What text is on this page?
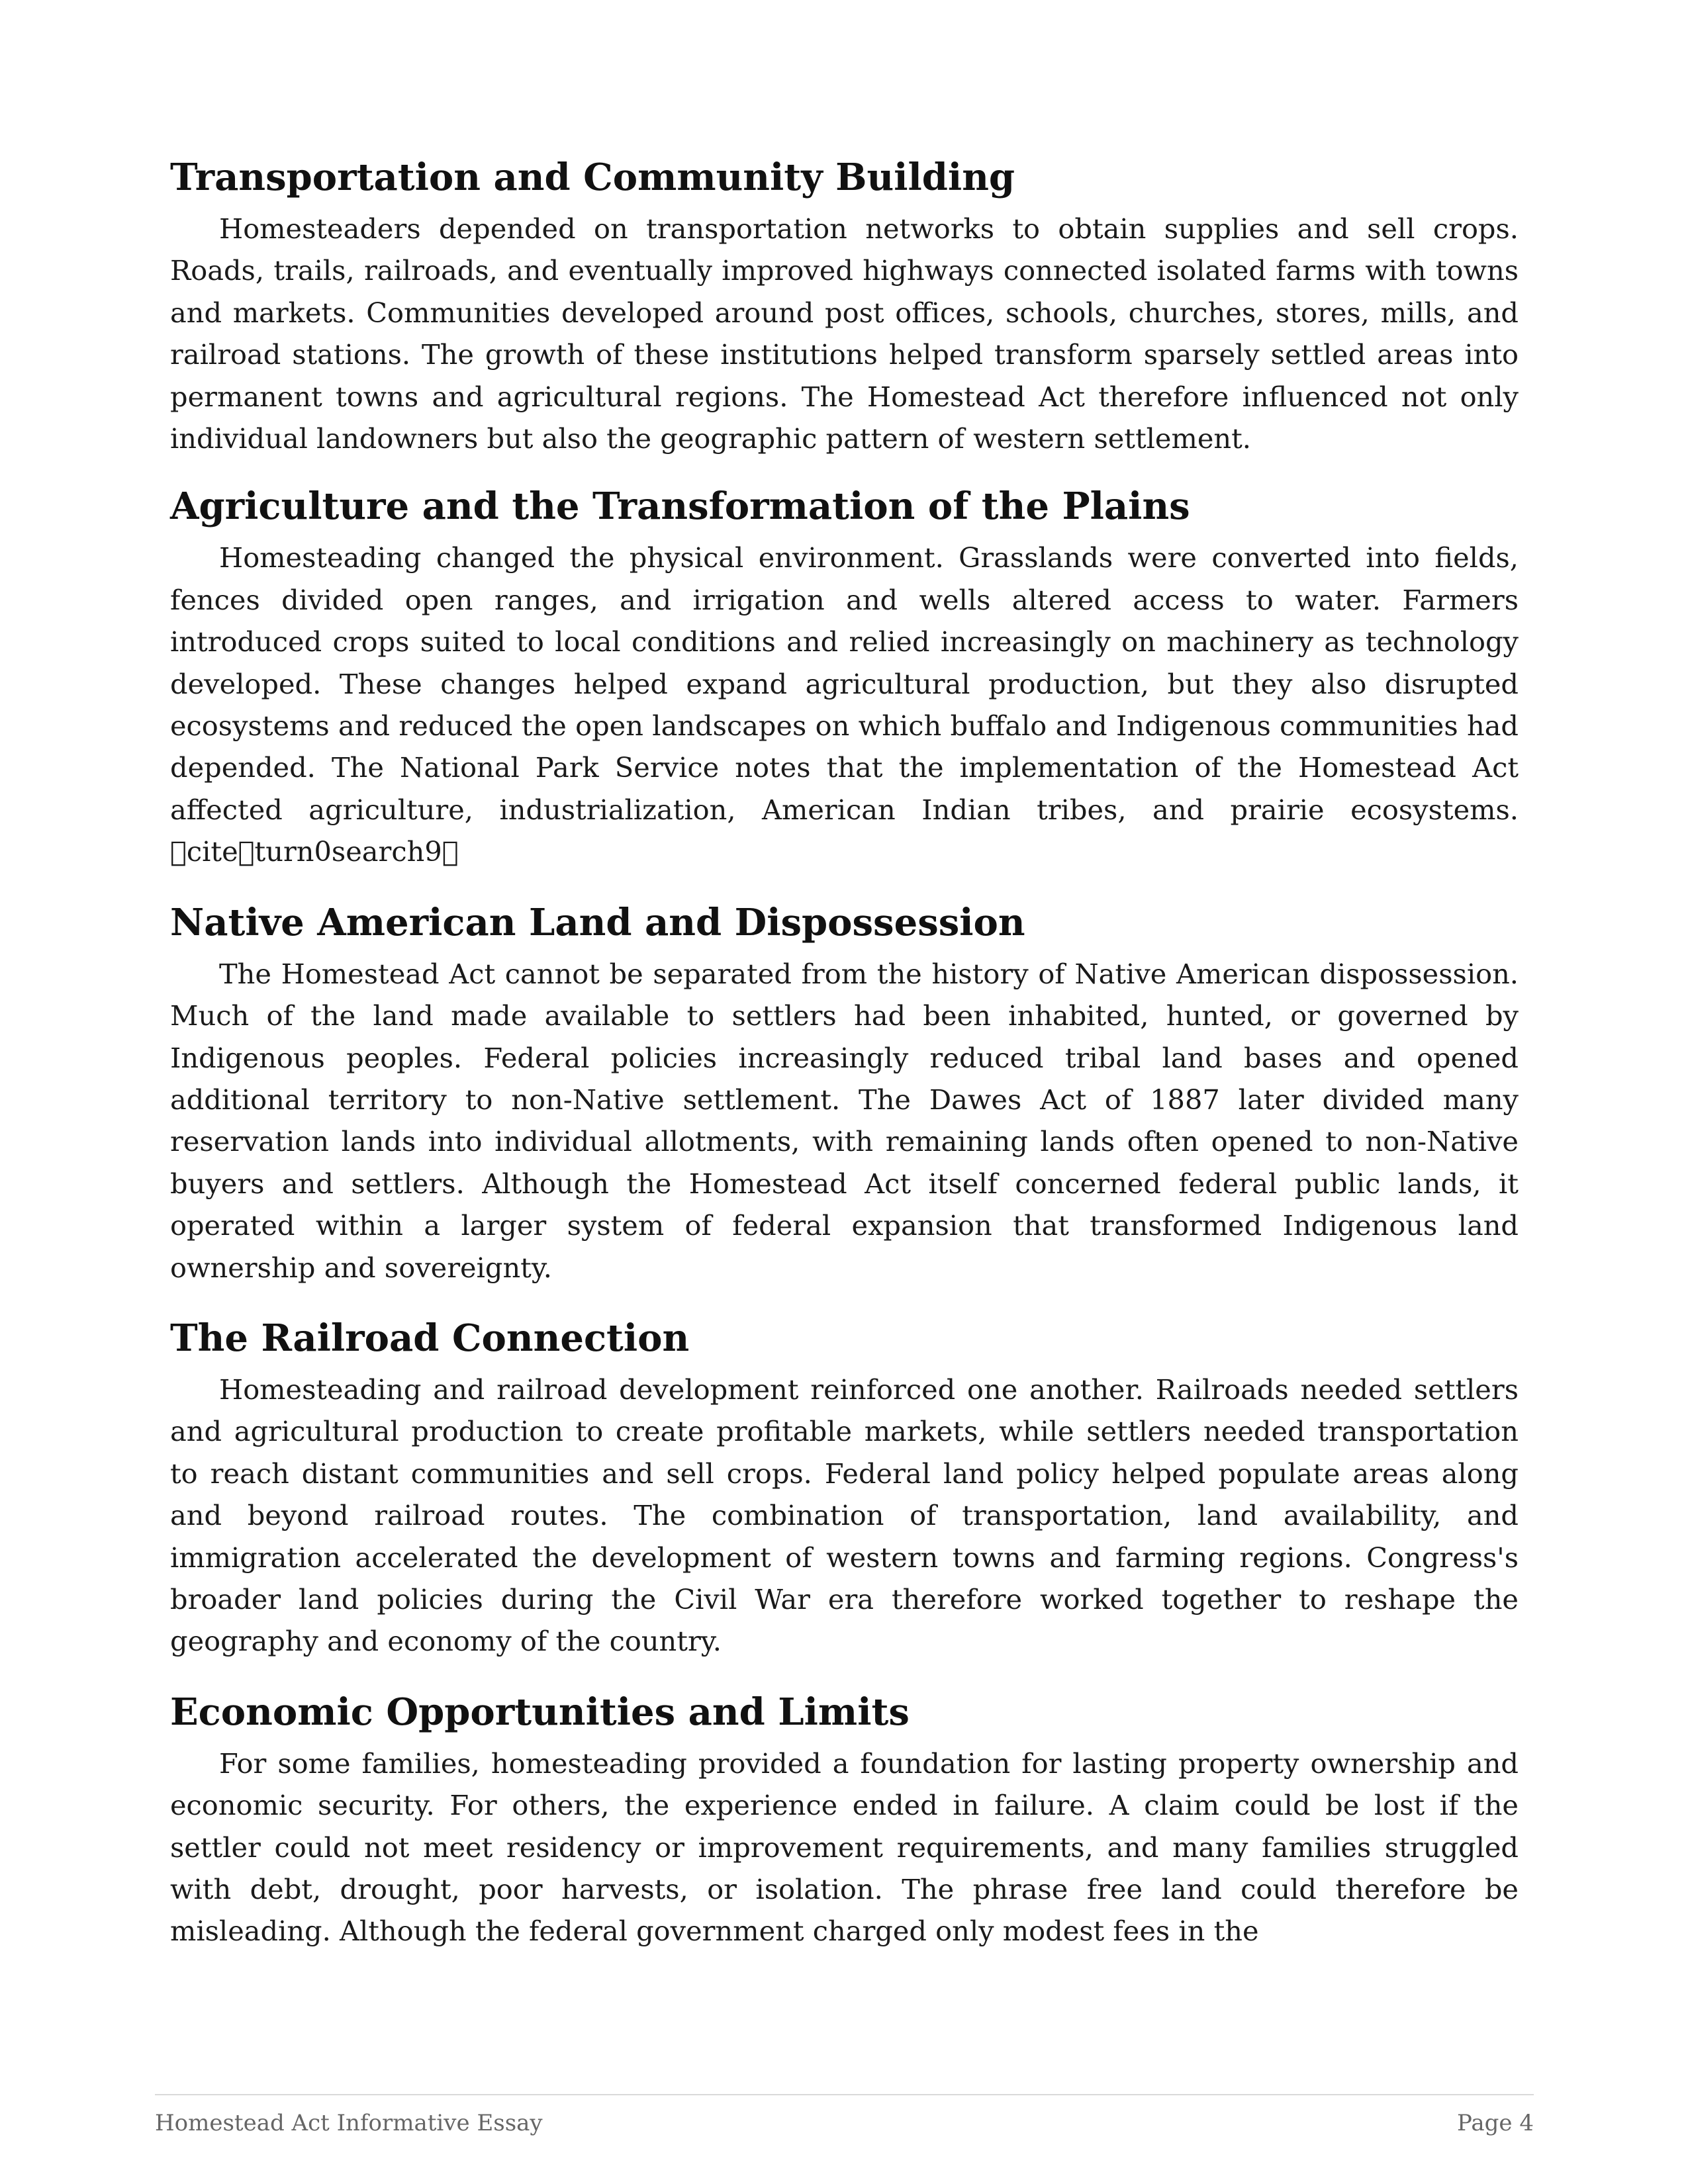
Transportation and Community Building

Homesteaders depended on transportation networks to obtain supplies and sell crops. Roads, trails, railroads, and eventually improved highways connected isolated farms with towns and markets. Communities developed around post offices, schools, churches, stores, mills, and railroad stations. The growth of these institutions helped transform sparsely settled areas into permanent towns and agricultural regions. The Homestead Act therefore influenced not only individual landowners but also the geographic pattern of western settlement.

Agriculture and the Transformation of the Plains

Homesteading changed the physical environment. Grasslands were converted into fields, fences divided open ranges, and irrigation and wells altered access to water. Farmers introduced crops suited to local conditions and relied increasingly on machinery as technology developed. These changes helped expand agricultural production, but they also disrupted ecosystems and reduced the open landscapes on which buffalo and Indigenous communities had depended. The National Park Service notes that the implementation of the Homestead Act affected agriculture, industrialization, American Indian tribes, and prairie ecosystems. cite turn0search9

Native American Land and Dispossession

The Homestead Act cannot be separated from the history of Native American dispossession. Much of the land made available to settlers had been inhabited, hunted, or governed by Indigenous peoples. Federal policies increasingly reduced tribal land bases and opened additional territory to non-Native settlement. The Dawes Act of 1887 later divided many reservation lands into individual allotments, with remaining lands often opened to non-Native buyers and settlers. Although the Homestead Act itself concerned federal public lands, it operated within a larger system of federal expansion that transformed Indigenous land ownership and sovereignty.

The Railroad Connection

Homesteading and railroad development reinforced one another. Railroads needed settlers and agricultural production to create profitable markets, while settlers needed transportation to reach distant communities and sell crops. Federal land policy helped populate areas along and beyond railroad routes. The combination of transportation, land availability, and immigration accelerated the development of western towns and farming regions. Congress's broader land policies during the Civil War era therefore worked together to reshape the geography and economy of the country.

Economic Opportunities and Limits

For some families, homesteading provided a foundation for lasting property ownership and economic security. For others, the experience ended in failure. A claim could be lost if the settler could not meet residency or improvement requirements, and many families struggled with debt, drought, poor harvests, or isolation. The phrase free land could therefore be misleading. Although the federal government charged only modest fees in the

Homestead Act Informative Essay	Page 4
